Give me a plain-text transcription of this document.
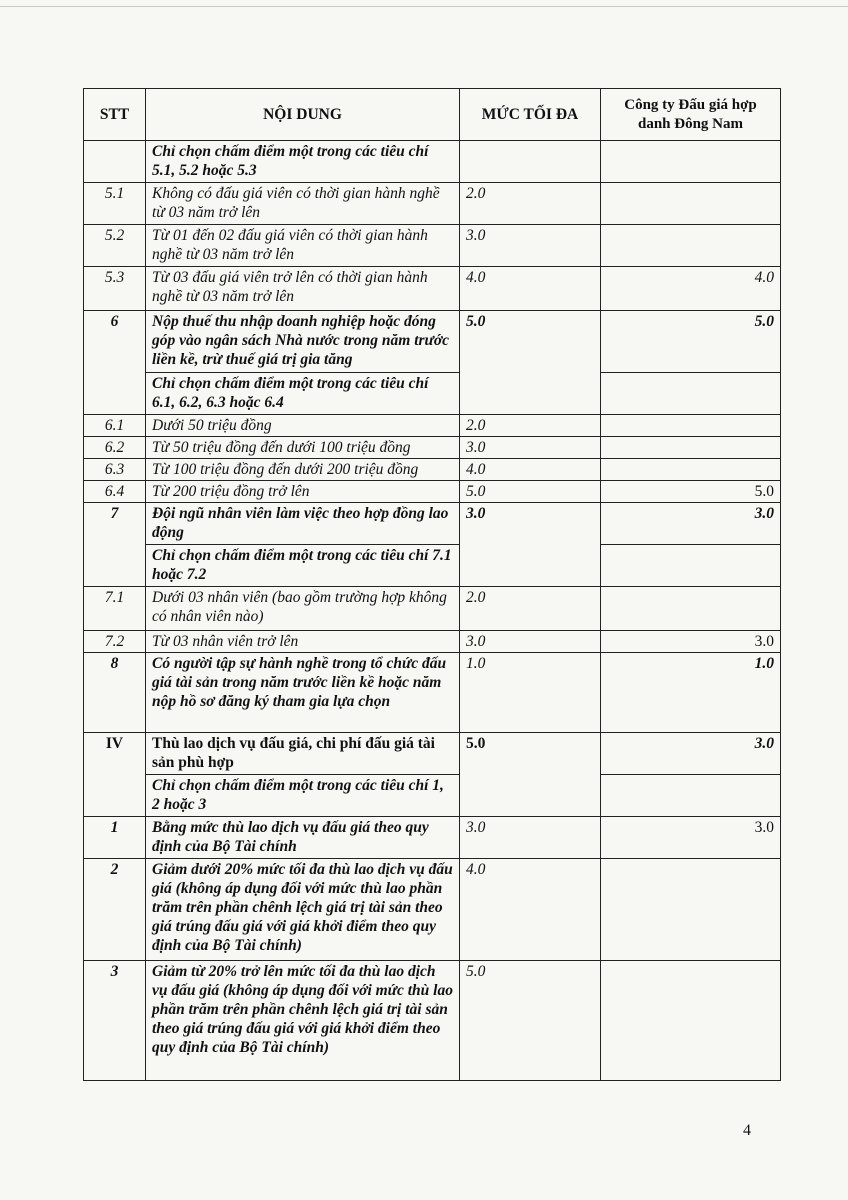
STT	NỘI DUNG	MỨC TỐI ĐA	Công ty Đấu giá hợp danh Đông Nam
	Chỉ chọn chấm điểm một trong các tiêu chí 5.1, 5.2 hoặc 5.3		
5.1	Không có đấu giá viên có thời gian hành nghề từ 03 năm trở lên	2.0	
5.2	Từ 01 đến 02 đấu giá viên có thời gian hành nghề từ 03 năm trở lên	3.0	
5.3	Từ 03 đấu giá viên trở lên có thời gian hành nghề từ 03 năm trở lên	4.0	4.0
6	Nộp thuế thu nhập doanh nghiệp hoặc đóng góp vào ngân sách Nhà nước trong năm trước liền kề, trừ thuế giá trị gia tăng	5.0	5.0
	Chỉ chọn chấm điểm một trong các tiêu chí 6.1, 6.2, 6.3 hoặc 6.4		
6.1	Dưới 50 triệu đồng	2.0	
6.2	Từ 50 triệu đồng đến dưới 100 triệu đồng	3.0	
6.3	Từ 100 triệu đồng đến dưới 200 triệu đồng	4.0	
6.4	Từ 200 triệu đồng trở lên	5.0	5.0
7	Đội ngũ nhân viên làm việc theo hợp đồng lao động	3.0	3.0
	Chỉ chọn chấm điểm một trong các tiêu chí 7.1 hoặc 7.2		
7.1	Dưới 03 nhân viên (bao gồm trường hợp không có nhân viên nào)	2.0	
7.2	Từ 03 nhân viên trở lên	3.0	3.0
8	Có người tập sự hành nghề trong tổ chức đấu giá tài sản trong năm trước liền kề hoặc năm nộp hồ sơ đăng ký tham gia lựa chọn	1.0	1.0
IV	Thù lao dịch vụ đấu giá, chi phí đấu giá tài sản phù hợp	5.0	3.0
	Chỉ chọn chấm điểm một trong các tiêu chí 1, 2 hoặc 3		
1	Bằng mức thù lao dịch vụ đấu giá theo quy định của Bộ Tài chính	3.0	3.0
2	Giảm dưới 20% mức tối đa thù lao dịch vụ đấu giá (không áp dụng đối với mức thù lao phần trăm trên phần chênh lệch giá trị tài sản theo giá trúng đấu giá với giá khởi điểm theo quy định của Bộ Tài chính)	4.0	
3	Giảm từ 20% trở lên mức tối đa thù lao dịch vụ đấu giá (không áp dụng đối với mức thù lao phần trăm trên phần chênh lệch giá trị tài sản theo giá trúng đấu giá với giá khởi điểm theo quy định của Bộ Tài chính)	5.0	
4
